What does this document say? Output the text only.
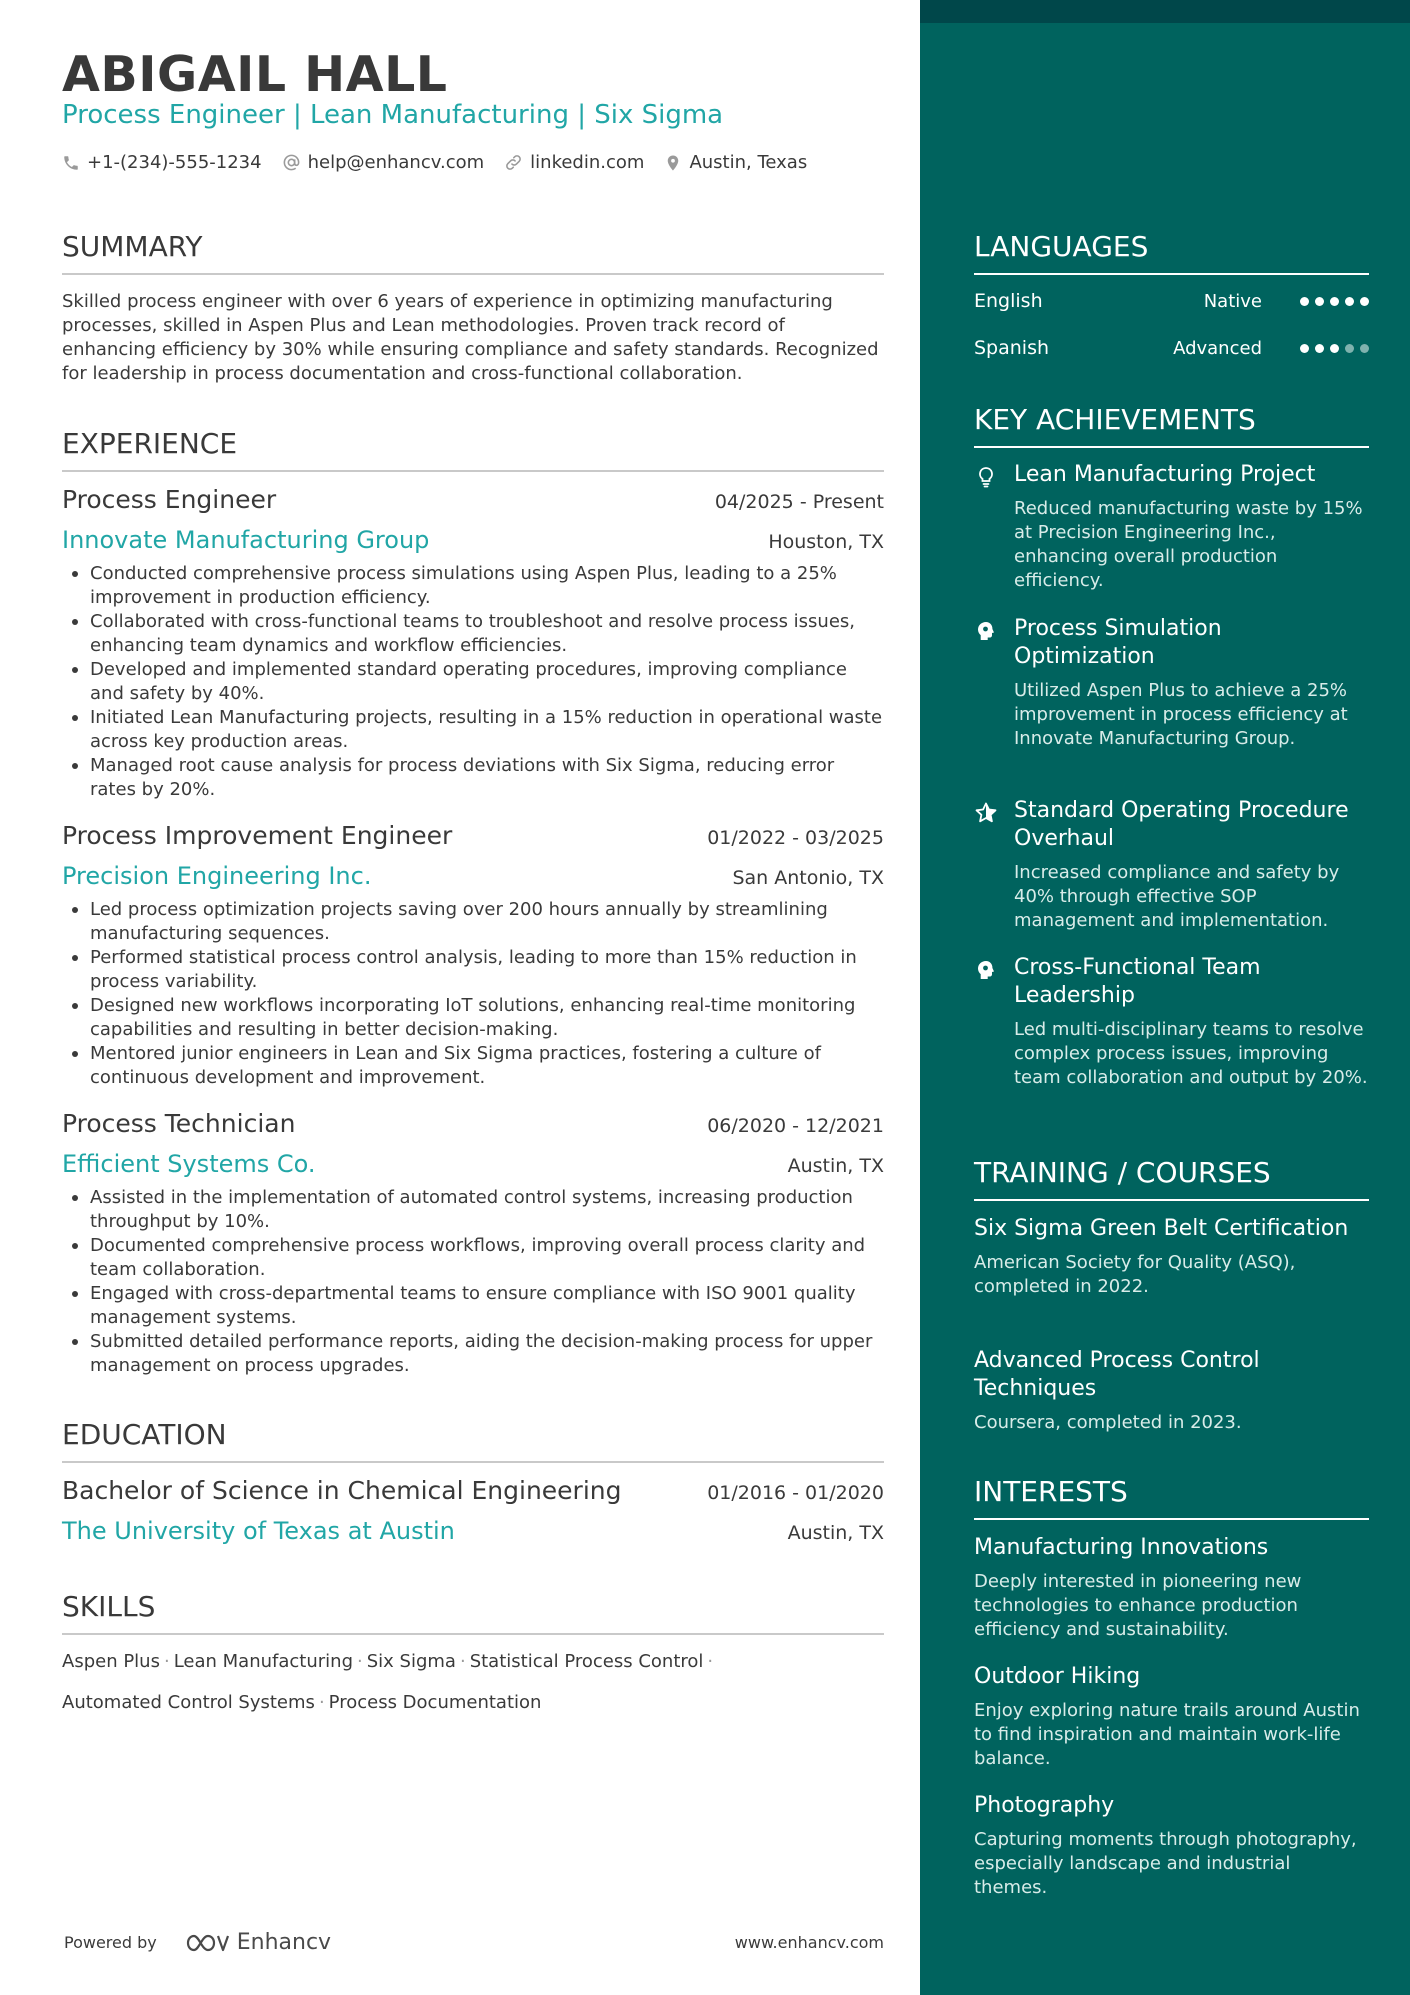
ABIGAIL HALL
Process Engineer | Lean Manufacturing | Six Sigma
+1-(234)-555-1234	help@enhancv.com	linkedin.com	Austin, Texas
SUMMARY
Skilled process engineer with over 6 years of experience in optimizing manufacturing processes, skilled in Aspen Plus and Lean methodologies. Proven track record of enhancing efficiency by 30% while ensuring compliance and safety standards. Recognized for leadership in process documentation and cross-functional collaboration.
EXPERIENCE
Process Engineer	04/2025 - Present
Innovate Manufacturing Group	Houston, TX
Conducted comprehensive process simulations using Aspen Plus, leading to a 25% improvement in production efficiency.
Collaborated with cross-functional teams to troubleshoot and resolve process issues, enhancing team dynamics and workflow efficiencies.
Developed and implemented standard operating procedures, improving compliance and safety by 40%.
Initiated Lean Manufacturing projects, resulting in a 15% reduction in operational waste across key production areas.
Managed root cause analysis for process deviations with Six Sigma, reducing error rates by 20%.
Process Improvement Engineer	01/2022 - 03/2025
Precision Engineering Inc.	San Antonio, TX
Led process optimization projects saving over 200 hours annually by streamlining manufacturing sequences.
Performed statistical process control analysis, leading to more than 15% reduction in process variability.
Designed new workflows incorporating IoT solutions, enhancing real-time monitoring capabilities and resulting in better decision-making.
Mentored junior engineers in Lean and Six Sigma practices, fostering a culture of continuous development and improvement.
Process Technician	06/2020 - 12/2021
Efficient Systems Co.	Austin, TX
Assisted in the implementation of automated control systems, increasing production throughput by 10%.
Documented comprehensive process workflows, improving overall process clarity and team collaboration.
Engaged with cross-departmental teams to ensure compliance with ISO 9001 quality management systems.
Submitted detailed performance reports, aiding the decision-making process for upper management on process upgrades.
EDUCATION
Bachelor of Science in Chemical Engineering	01/2016 - 01/2020
The University of Texas at Austin	Austin, TX
SKILLS
Aspen Plus · Lean Manufacturing · Six Sigma · Statistical Process Control ·
Automated Control Systems · Process Documentation
Powered by	Enhancv	www.enhancv.com
LANGUAGES
English	Native
Spanish	Advanced
KEY ACHIEVEMENTS
Lean Manufacturing Project
Reduced manufacturing waste by 15% at Precision Engineering Inc., enhancing overall production efficiency.
Process Simulation Optimization
Utilized Aspen Plus to achieve a 25% improvement in process efficiency at Innovate Manufacturing Group.
Standard Operating Procedure Overhaul
Increased compliance and safety by 40% through effective SOP management and implementation.
Cross-Functional Team Leadership
Led multi-disciplinary teams to resolve complex process issues, improving team collaboration and output by 20%.
TRAINING / COURSES
Six Sigma Green Belt Certification
American Society for Quality (ASQ), completed in 2022.
Advanced Process Control Techniques
Coursera, completed in 2023.
INTERESTS
Manufacturing Innovations
Deeply interested in pioneering new technologies to enhance production efficiency and sustainability.
Outdoor Hiking
Enjoy exploring nature trails around Austin to find inspiration and maintain work-life balance.
Photography
Capturing moments through photography, especially landscape and industrial themes.
